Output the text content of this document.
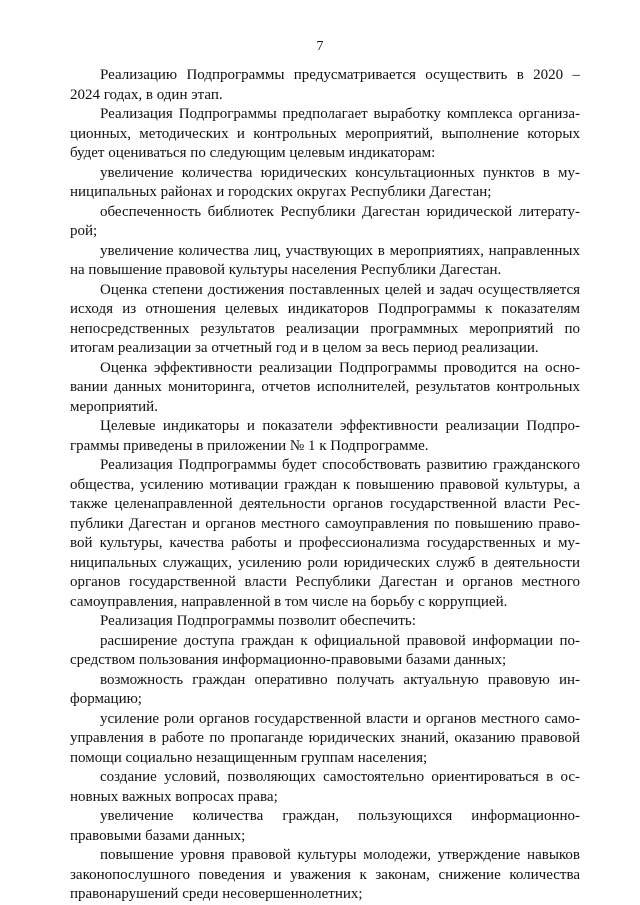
7

Реализацию Подпрограммы предусматривается осуществить в 2020 – 2024 годах, в один этап.

Реализация Подпрограммы предполагает выработку комплекса организационных, методических и контрольных мероприятий, выполнение которых будет оцениваться по следующим целевым индикаторам:

увеличение количества юридических консультационных пунктов в муниципальных районах и городских округах Республики Дагестан;

обеспеченность библиотек Республики Дагестан юридической литературой;

увеличение количества лиц, участвующих в мероприятиях, направленных на повышение правовой культуры населения Республики Дагестан.

Оценка степени достижения поставленных целей и задач осуществляется исходя из отношения целевых индикаторов Подпрограммы к показателям непосредственных результатов реализации программных мероприятий по итогам реализации за отчетный год и в целом за весь период реализации.

Оценка эффективности реализации Подпрограммы проводится на основании данных мониторинга, отчетов исполнителей, результатов контрольных мероприятий.

Целевые индикаторы и показатели эффективности реализации Подпрограммы приведены в приложении № 1 к Подпрограмме.

Реализация Подпрограммы будет способствовать развитию гражданского общества, усилению мотивации граждан к повышению правовой культуры, а также целенаправленной деятельности органов государственной власти Республики Дагестан и органов местного самоуправления по повышению правовой культуры, качества работы и профессионализма государственных и муниципальных служащих, усилению роли юридических служб в деятельности органов государственной власти Республики Дагестан и органов местного самоуправления, направленной в том числе на борьбу с коррупцией.

Реализация Подпрограммы позволит обеспечить:

расширение доступа граждан к официальной правовой информации посредством пользования информационно-правовыми базами данных;

возможность граждан оперативно получать актуальную правовую информацию;

усиление роли органов государственной власти и органов местного самоуправления в работе по пропаганде юридических знаний, оказанию правовой помощи социально незащищенным группам населения;

создание условий, позволяющих самостоятельно ориентироваться в основных важных вопросах права;

увеличение количества граждан, пользующихся информационно-правовыми базами данных;

повышение уровня правовой культуры молодежи, утверждение навыков законопослушного поведения и уважения к законам, снижение количества правонарушений среди несовершеннолетних;
